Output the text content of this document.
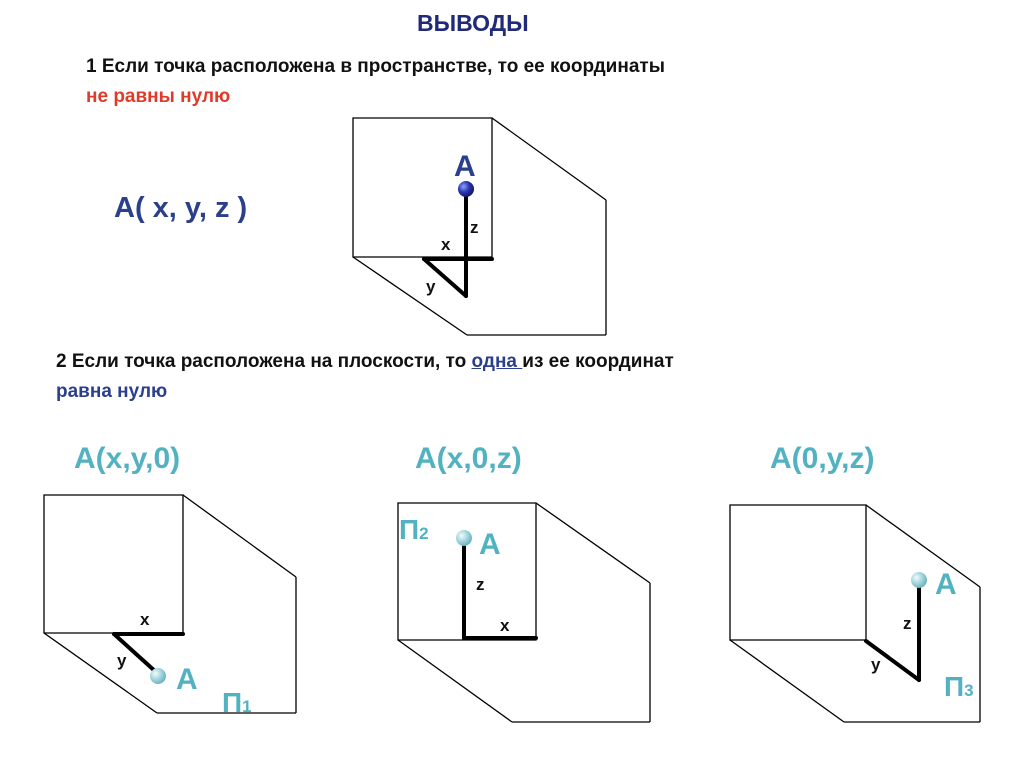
ВЫВОДЫ
1 Если точка расположена в пространстве, то ее координаты
не равны нулю
A( x, y, z )
2 Если точка расположена на плоскости, то одна из ее координат
равна нулю
A(x,y,0)	A(x,0,z)	A(0,y,z)
A
z
x
y
A
x
y
П1
A
z
x
П2
A
z
y
П3
